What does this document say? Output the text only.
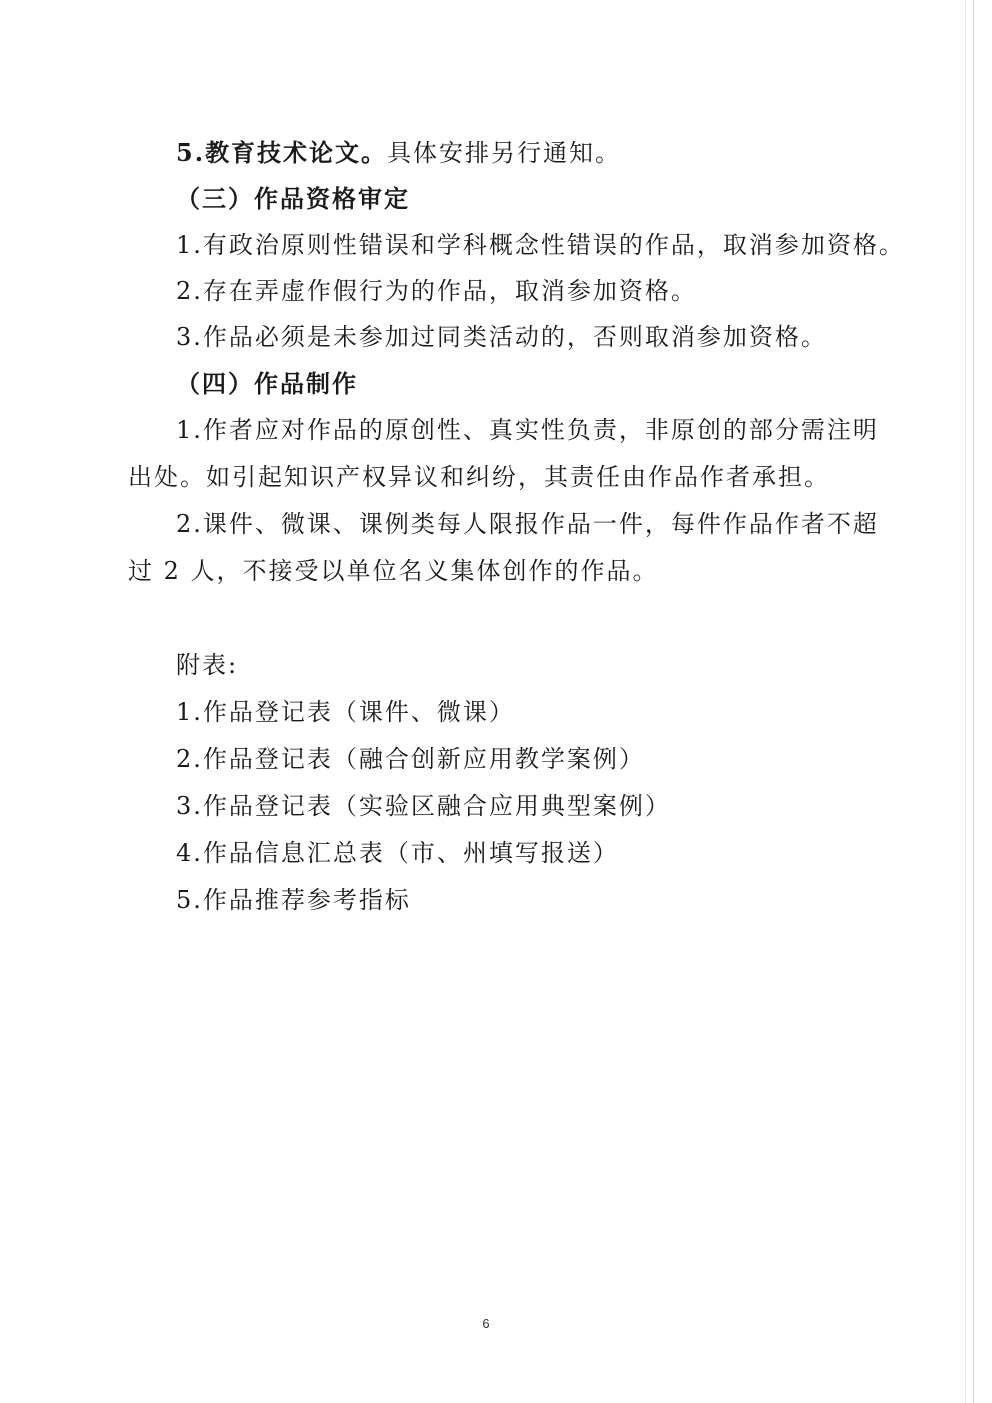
5.教育技术论文。具体安排另行通知。
（三）作品资格审定
1.有政治原则性错误和学科概念性错误的作品，取消参加资格。
2.存在弄虚作假行为的作品，取消参加资格。
3.作品必须是未参加过同类活动的，否则取消参加资格。
（四）作品制作
1.作者应对作品的原创性、真实性负责，非原创的部分需注明
出处。如引起知识产权异议和纠纷，其责任由作品作者承担。
2.课件、微课、课例类每人限报作品一件，每件作品作者不超
过 2 人，不接受以单位名义集体创作的作品。
附表:
1.作品登记表（课件、微课）
2.作品登记表（融合创新应用教学案例）
3.作品登记表（实验区融合应用典型案例）
4.作品信息汇总表（市、州填写报送）
5.作品推荐参考指标
6
